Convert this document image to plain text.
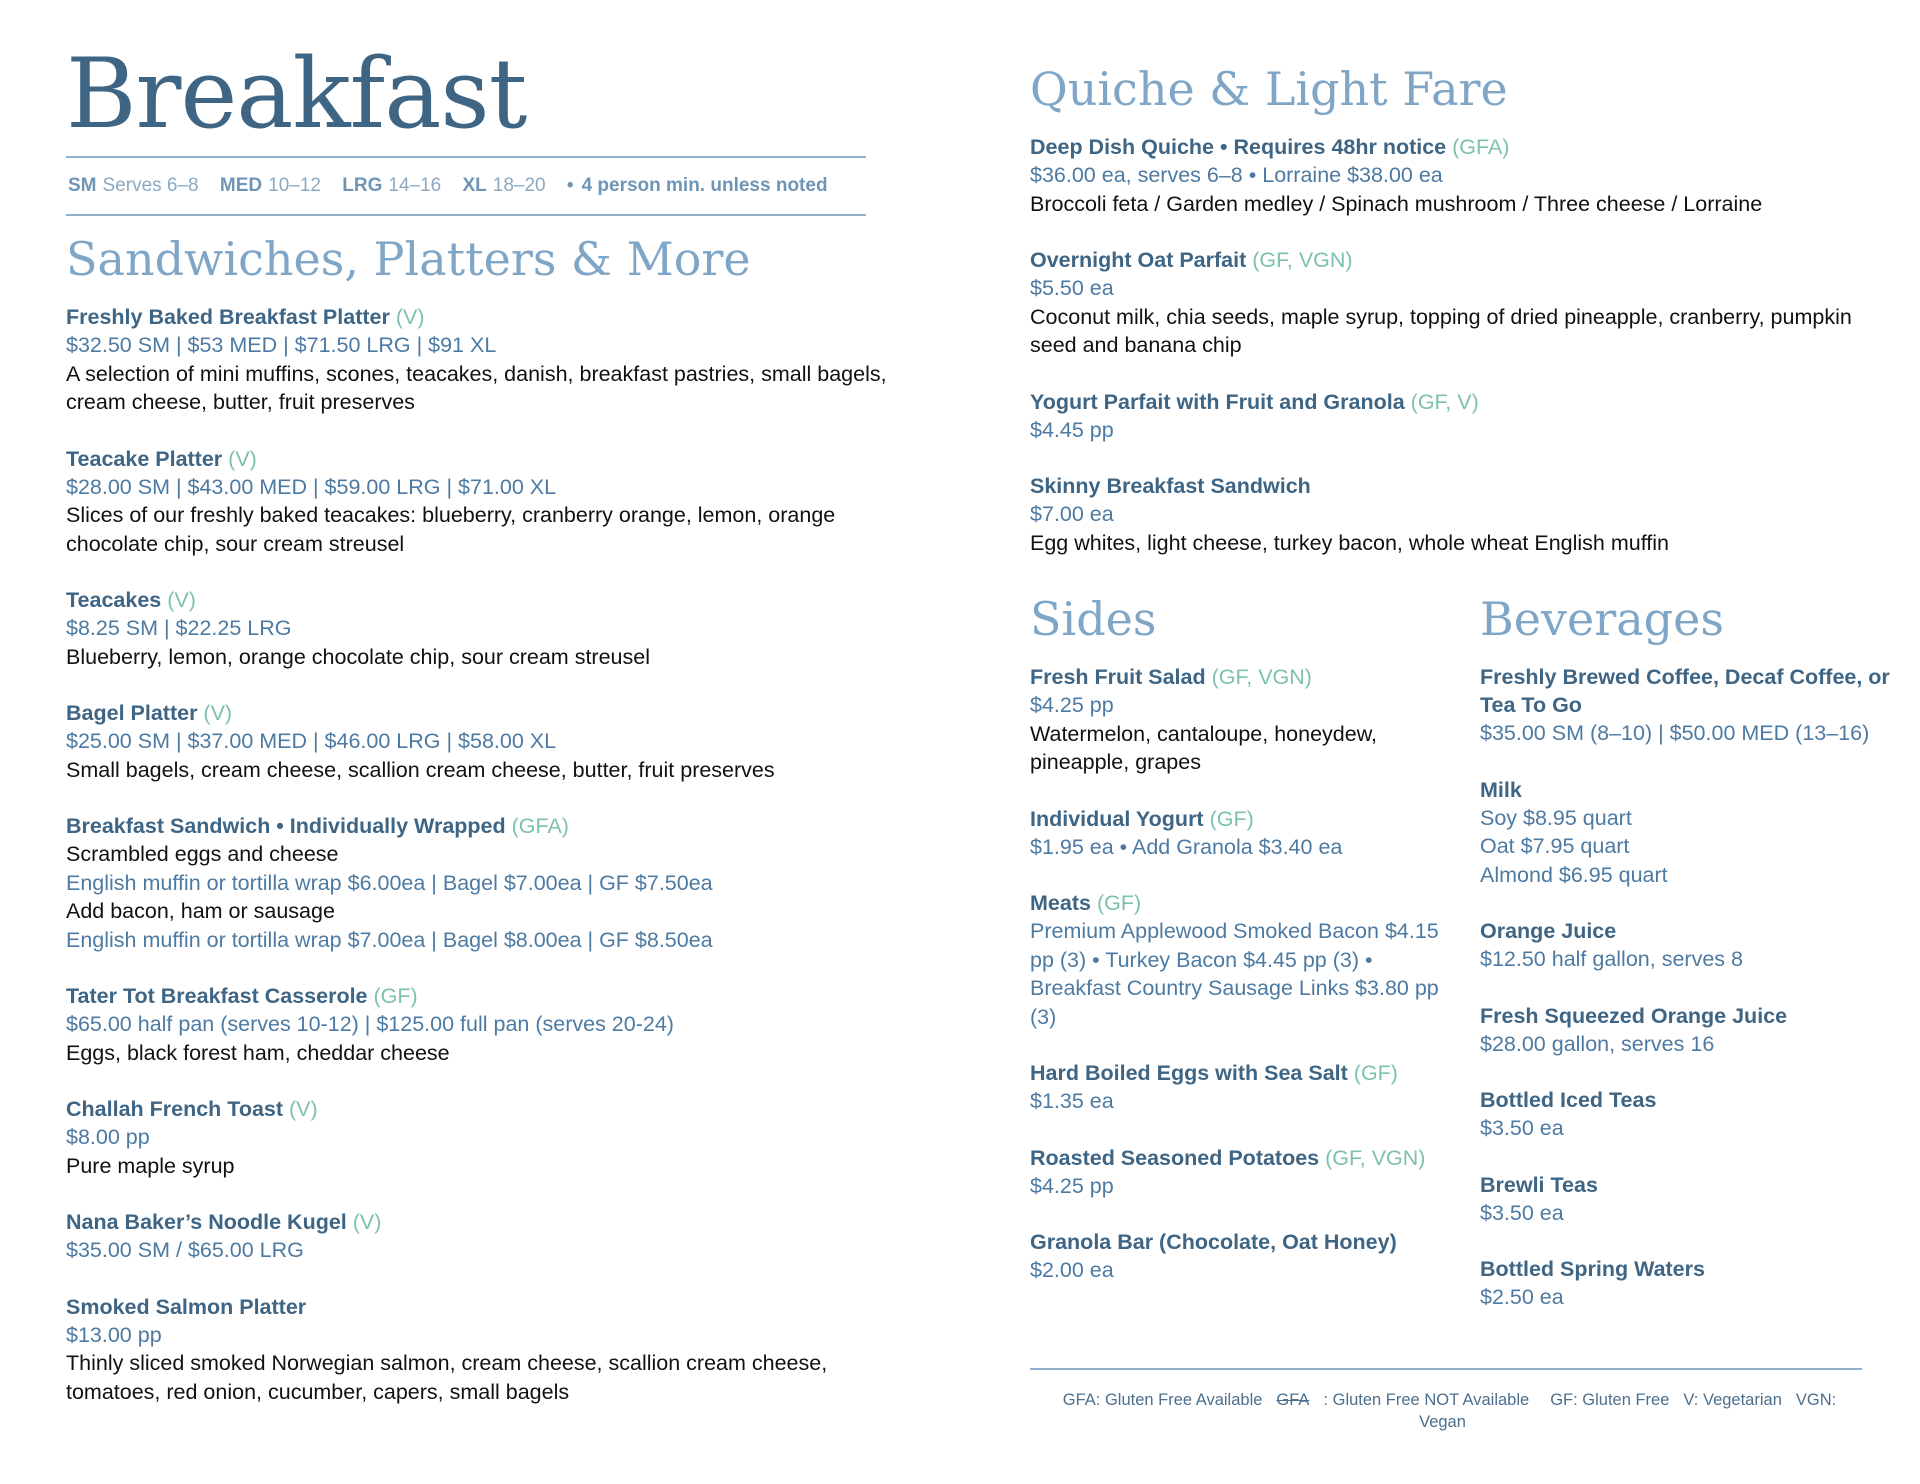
Breakfast
SM Serves 6–8 MED 10–12 LRG 14–16 XL 18–20 • 4 person min. unless noted
Sandwiches, Platters & More
Freshly Baked Breakfast Platter (V)
$32.50 SM | $53 MED | $71.50 LRG | $91 XL
A selection of mini muffins, scones, teacakes, danish, breakfast pastries, small bagels, cream cheese, butter, fruit preserves
Teacake Platter (V)
$28.00 SM | $43.00 MED | $59.00 LRG | $71.00 XL
Slices of our freshly baked teacakes: blueberry, cranberry orange, lemon, orange chocolate chip, sour cream streusel
Teacakes (V)
$8.25 SM | $22.25 LRG
Blueberry, lemon, orange chocolate chip, sour cream streusel
Bagel Platter (V)
$25.00 SM | $37.00 MED | $46.00 LRG | $58.00 XL
Small bagels, cream cheese, scallion cream cheese, butter, fruit preserves
Breakfast Sandwich • Individually Wrapped (GFA)
Scrambled eggs and cheese
English muffin or tortilla wrap $6.00ea | Bagel $7.00ea | GF $7.50ea
Add bacon, ham or sausage
English muffin or tortilla wrap $7.00ea | Bagel $8.00ea | GF $8.50ea
Tater Tot Breakfast Casserole (GF)
$65.00 half pan (serves 10-12) | $125.00 full pan (serves 20-24)
Eggs, black forest ham, cheddar cheese
Challah French Toast (V)
$8.00 pp
Pure maple syrup
Nana Baker’s Noodle Kugel (V)
$35.00 SM / $65.00 LRG
Smoked Salmon Platter
$13.00 pp
Thinly sliced smoked Norwegian salmon, cream cheese, scallion cream cheese, tomatoes, red onion, cucumber, capers, small bagels
Quiche & Light Fare
Deep Dish Quiche • Requires 48hr notice (GFA)
$36.00 ea, serves 6–8 • Lorraine $38.00 ea
Broccoli feta / Garden medley / Spinach mushroom / Three cheese / Lorraine
Overnight Oat Parfait (GF, VGN)
$5.50 ea
Coconut milk, chia seeds, maple syrup, topping of dried pineapple, cranberry, pumpkin seed and banana chip
Yogurt Parfait with Fruit and Granola (GF, V)
$4.45 pp
Skinny Breakfast Sandwich
$7.00 ea
Egg whites, light cheese, turkey bacon, whole wheat English muffin
Sides
Fresh Fruit Salad (GF, VGN)
$4.25 pp
Watermelon, cantaloupe, honeydew, pineapple, grapes
Individual Yogurt (GF)
$1.95 ea • Add Granola $3.40 ea
Meats (GF)
Premium Applewood Smoked Bacon $4.15 pp (3) • Turkey Bacon $4.45 pp (3) • Breakfast Country Sausage Links $3.80 pp (3)
Hard Boiled Eggs with Sea Salt (GF)
$1.35 ea
Roasted Seasoned Potatoes (GF, VGN)
$4.25 pp
Granola Bar (Chocolate, Oat Honey)
$2.00 ea
Beverages
Freshly Brewed Coffee, Decaf Coffee, or Tea To Go
$35.00 SM (8–10) | $50.00 MED (13–16)
Milk
Soy $8.95 quart
Oat $7.95 quart
Almond $6.95 quart
Orange Juice
$12.50 half gallon, serves 8
Fresh Squeezed Orange Juice
$28.00 gallon, serves 16
Bottled Iced Teas
$3.50 ea
Brewli Teas
$3.50 ea
Bottled Spring Waters
$2.50 ea
GFA: Gluten Free Available GFA : Gluten Free NOT Available GF: Gluten Free V: Vegetarian VGN: Vegan
